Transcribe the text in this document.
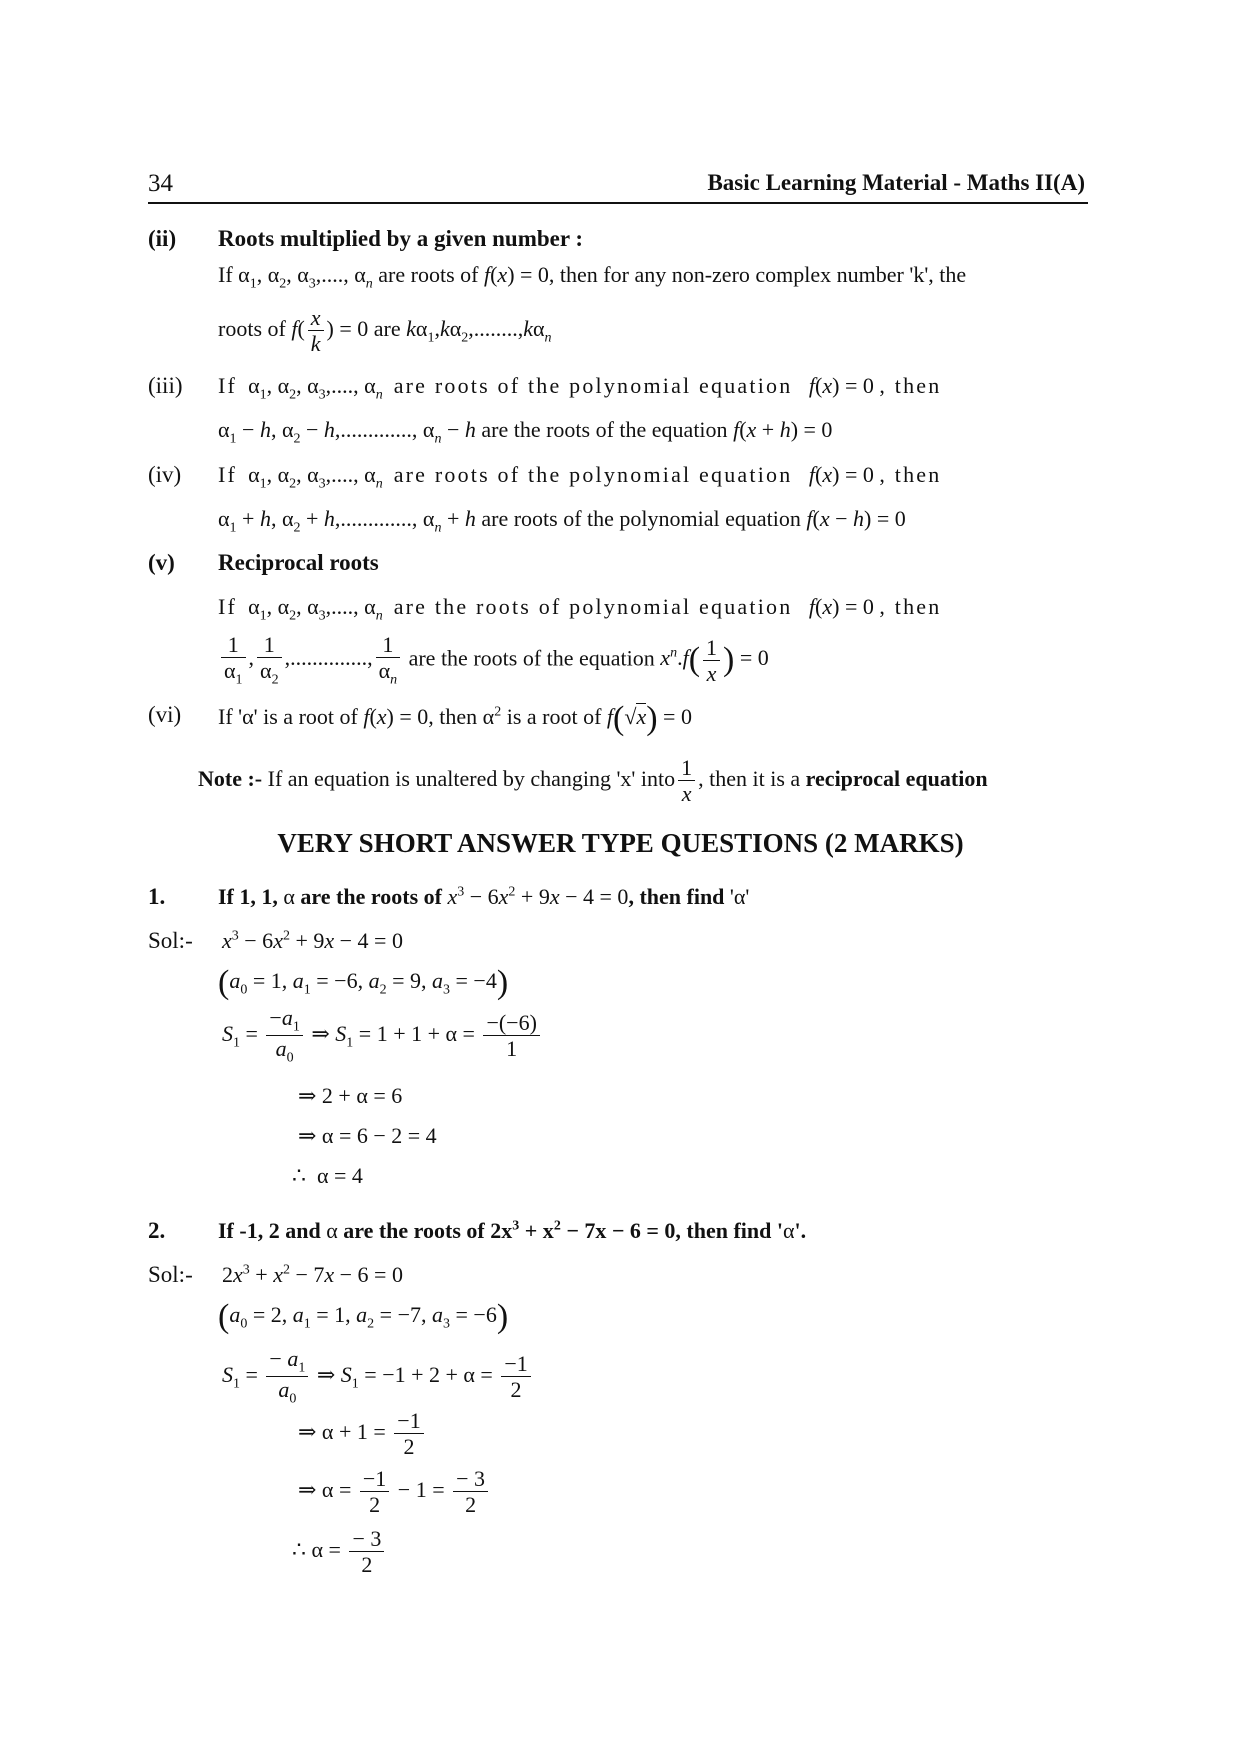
34	Basic Learning Material - Maths II(A)
(ii) Roots multiplied by a given number :
If $\alpha_1$, $\alpha_2$, $\alpha_3$,...., $\alpha_n$ are roots of f(x) = 0, then for any non-zero complex number 'k', the
roots of $f( \frac{x}{k}$ ) = 0 are $k\alpha_1,k\alpha_2,........,k\alpha_n$
(iii) If  $\alpha_1$, $\alpha_2$, $\alpha_3$,...., $\alpha_n$ are roots of the polynomial equation f(x) = 0 , then
$\alpha_1 - h$, $\alpha_2 - h$,............., $\alpha_n - h$ are the roots of the equation f(x + h) = 0
(iv) If  $\alpha_1$, $\alpha_2$, $\alpha_3$,...., $\alpha_n$ are roots of the polynomial equation f(x) = 0 , then
$\alpha_1 + h$, $\alpha_2 + h$,............., $\alpha_n + h$ are roots of the polynomial equation f(x − h) = 0
(v) Reciprocal roots
If  $\alpha_1$, $\alpha_2$, $\alpha_3$,...., $\alpha_n$ are the roots of polynomial equation f(x) = 0 , then
$\frac{1}{\alpha_1}$ , $\frac{1}{\alpha_2}$ ,.............., $\frac{1}{\alpha_n}$ are the roots of the equation $x^n.f( \frac{1}{x}$ ) = 0
(vi) If 'α' is a root of f(x) = 0, then $\alpha^2$ is a root of f(√x) = 0
Note :- If an equation is unaltered by changing 'x' into $\frac{1}{x}$ , then it is a reciprocal equation
VERY SHORT ANSWER TYPE QUESTIONS (2 MARKS)
1. If 1, 1, α are the roots of $x^3 - 6x^2 + 9x - 4 = 0$, then find 'α'
Sol:- $x^3 - 6x^2 + 9x - 4 = 0$
($a_0 = 1$, $a_1 = -6$, $a_2 = 9$, $a_3 = -4$)
$S_1 = \frac{-a_1}{a_0}$ ⇒ $S_1 = 1 + 1 + \alpha = \frac{-(-6)}{1}$
⇒ 2 + α = 6
⇒ α = 6 − 2 = 4
∴  α = 4
2. If -1, 2 and α are the roots of $2x^3 + x^2 - 7x - 6 = 0$, then find 'α'.
Sol:- $2x^3 + x^2 - 7x - 6 = 0$
($a_0 = 2$, $a_1 = 1$, $a_2 = -7$, $a_3 = -6$)
$S_1 = \frac{- a_1}{a_0}$ ⇒ $S_1 = -1 + 2 + \alpha = \frac{-1}{2}$
⇒ $\alpha + 1 = \frac{-1}{2}$
⇒ $\alpha = \frac{-1}{2} - 1 = \frac{- 3}{2}$
∴ $\alpha = \frac{- 3}{2}$
